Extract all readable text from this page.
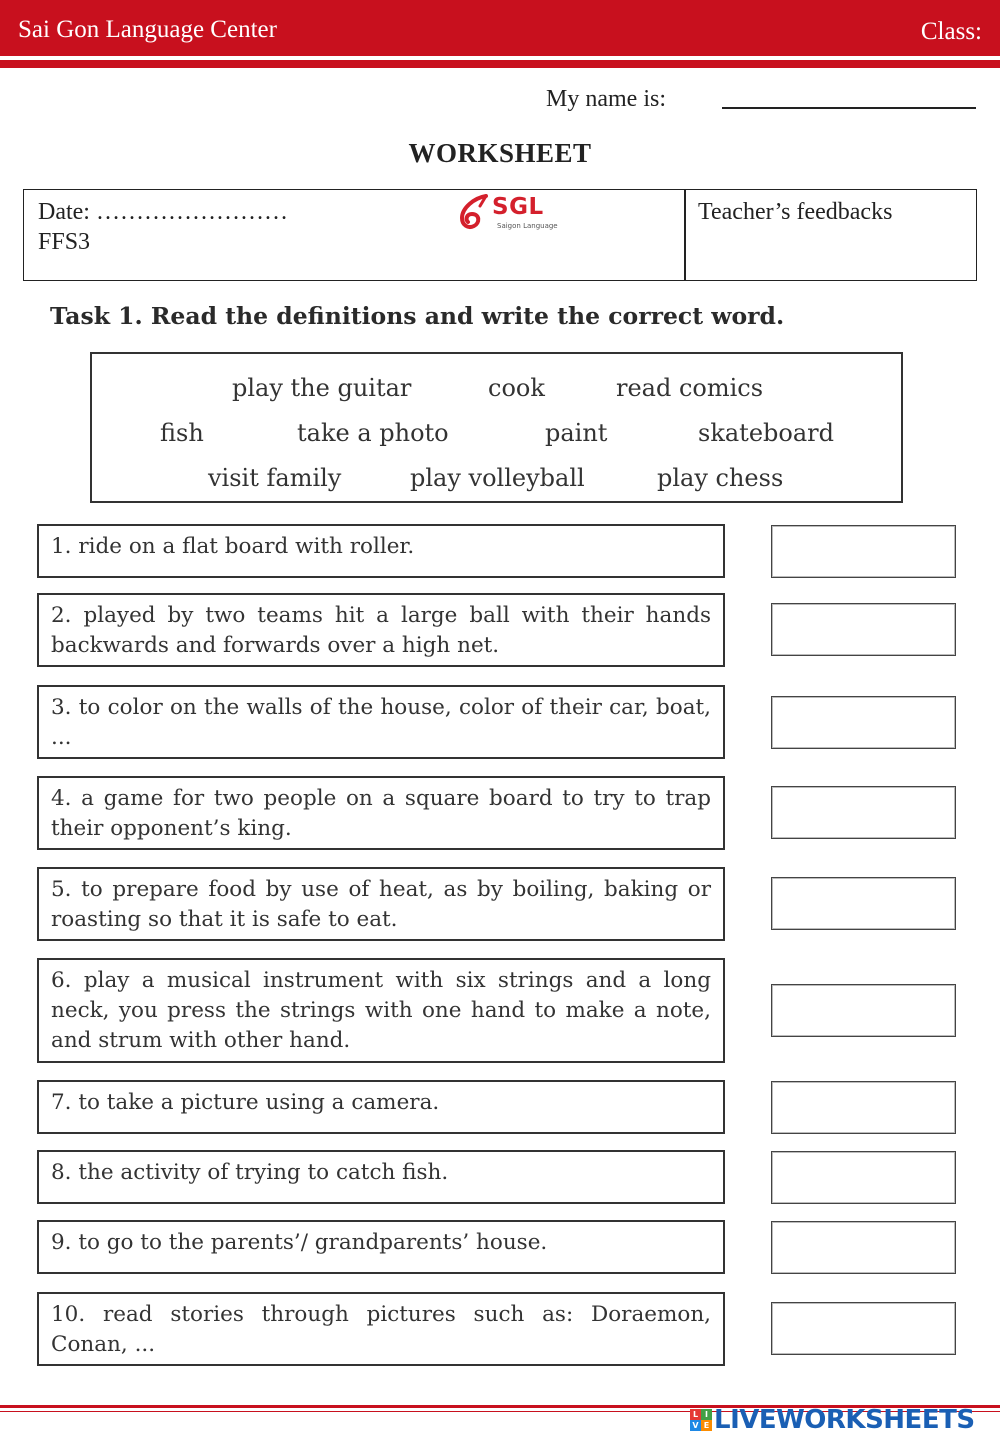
Sai Gon Language Center	Class:
My name is:
WORKSHEET
Date: ……………………
FFS3
SGL
Saigon Language
Teacher’s feedbacks
Task 1. Read the definitions and write the correct word.
play the guitar	cook	read comics
fish	take a photo	paint	skateboard
visit family	play volleyball	play chess
1. ride on a flat board with roller.
2. played by two teams hit a large ball with their hands backwards and forwards over a high net.
3. to color on the walls of the house, color of their car, boat, ...
4. a game for two people on a square board to try to trap their opponent’s king.
5. to prepare food by use of heat, as by boiling, baking or roasting so that it is safe to eat.
6. play a musical instrument with six strings and a long neck, you press the strings with one hand to make a note, and strum with other hand.
7. to take a picture using a camera.
8. the activity of trying to catch fish.
9. to go to the parents’/ grandparents’ house.
10. read stories through pictures such as: Doraemon, Conan, ...
L I
V E LIVEWORKSHEETS
